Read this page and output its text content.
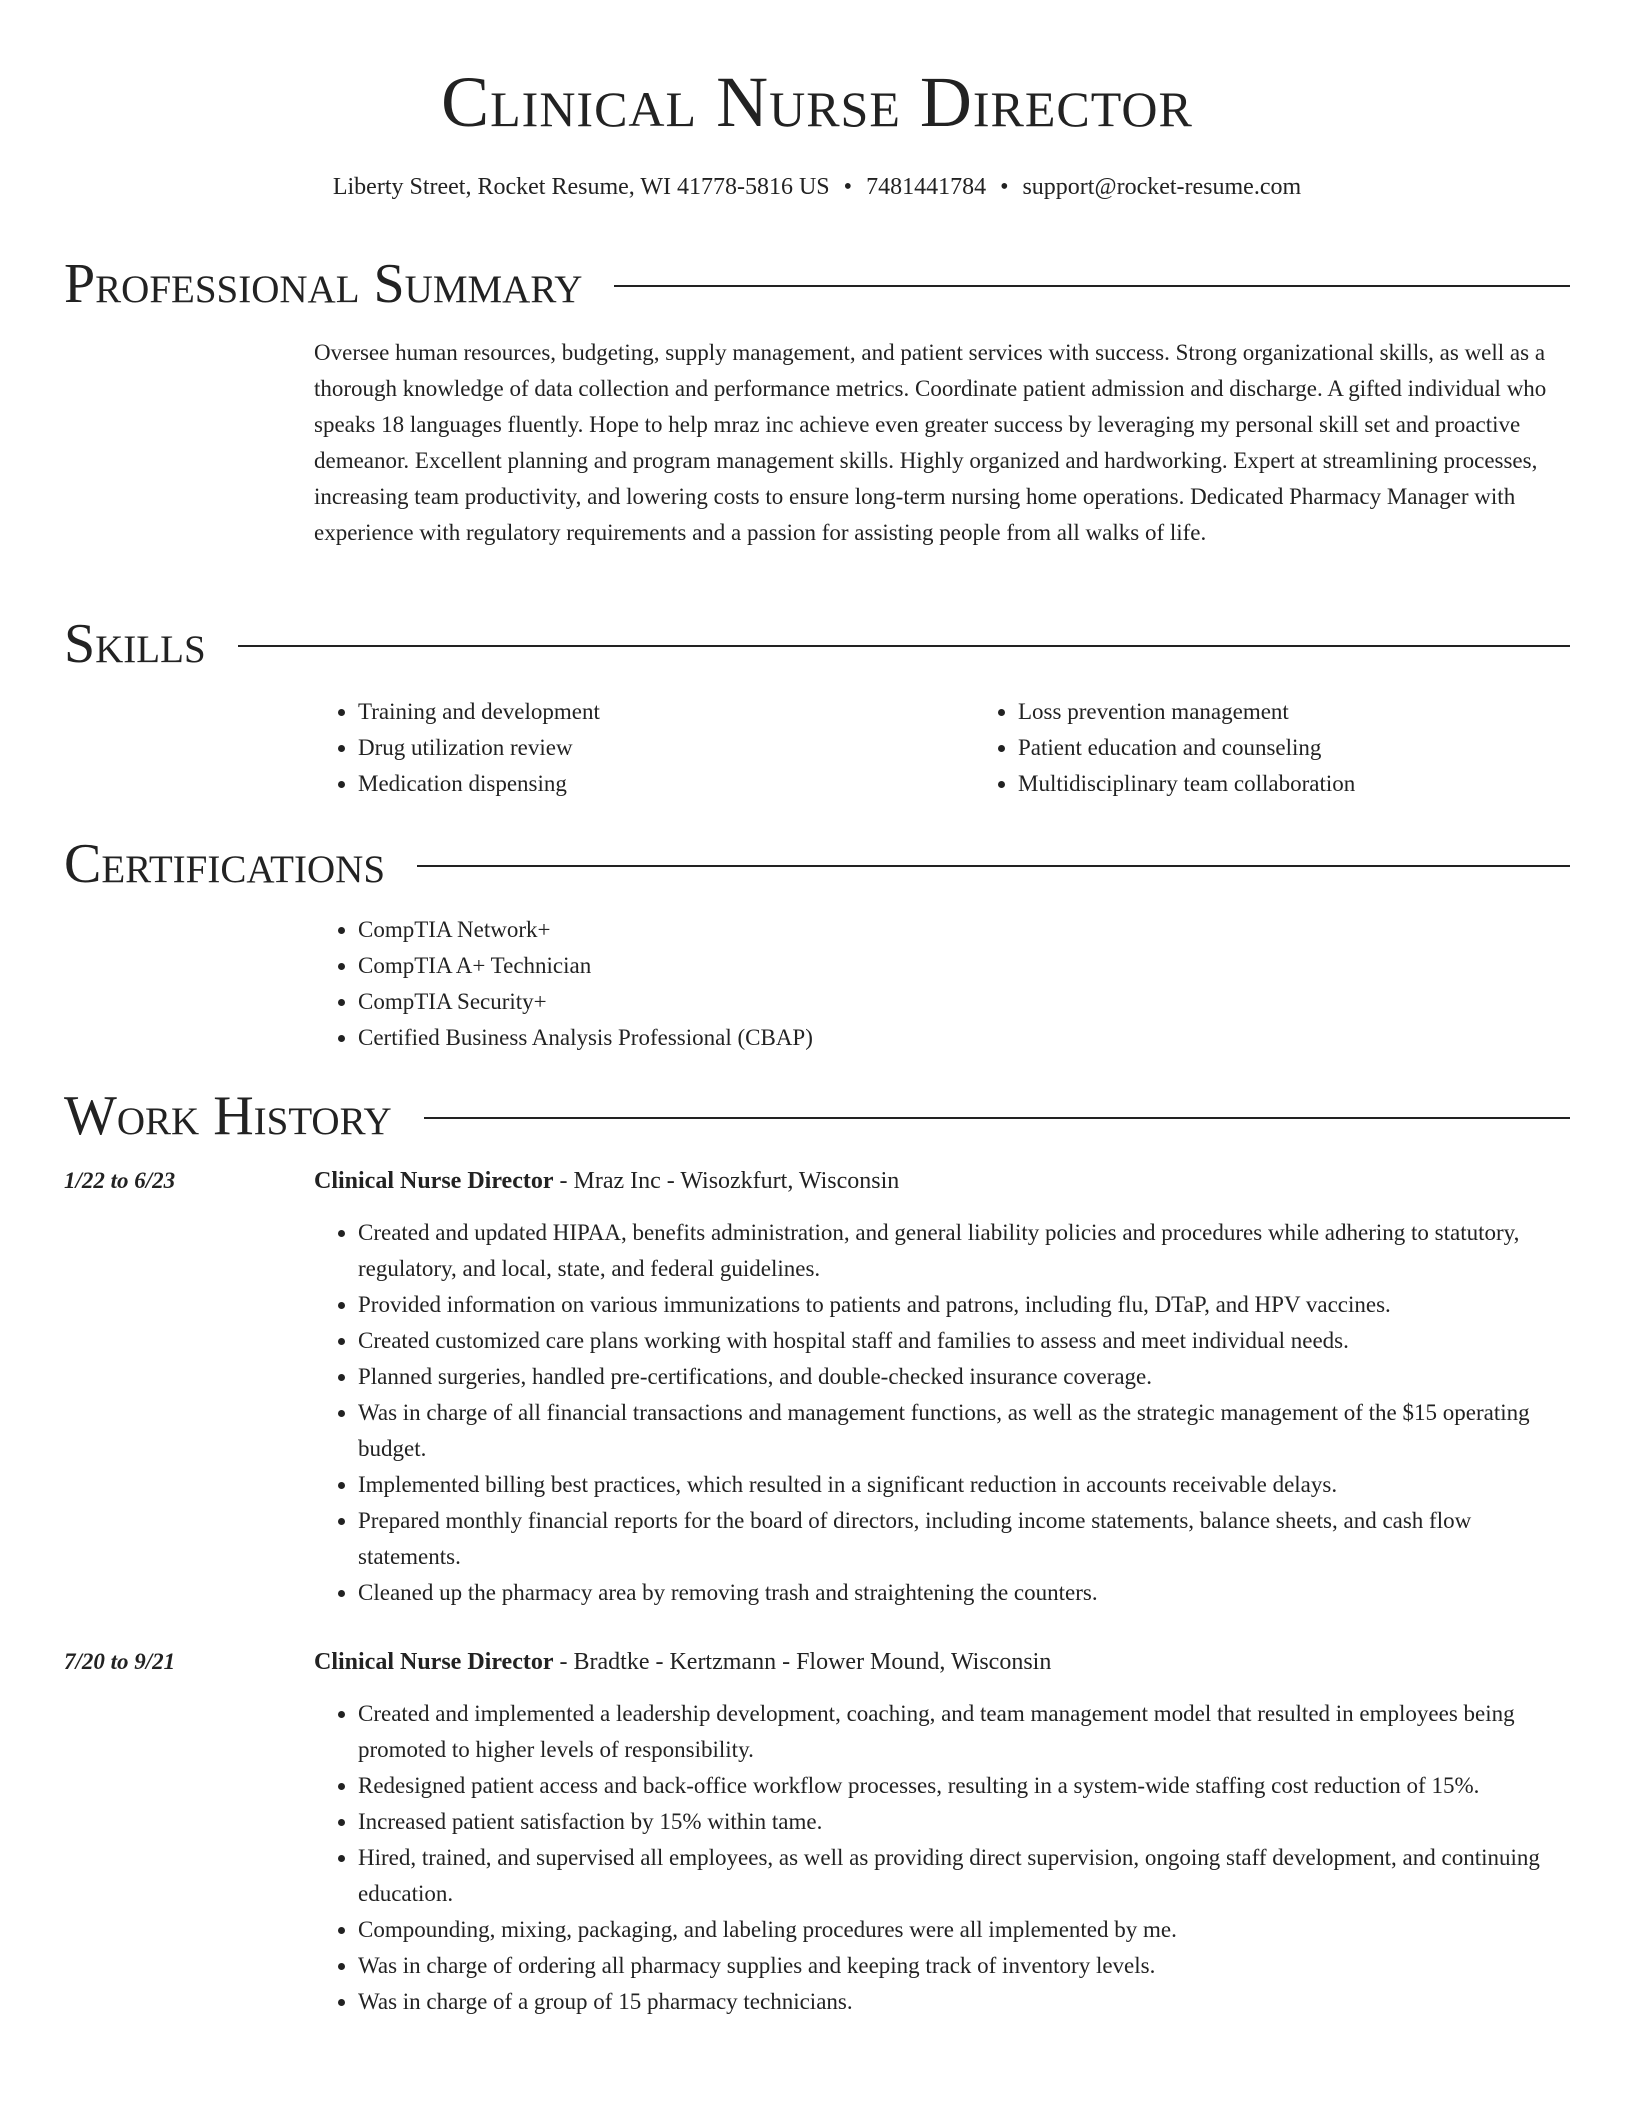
Clinical Nurse Director
Liberty Street, Rocket Resume, WI 41778-5816 US • 7481441784 • support@rocket-resume.com
Professional Summary

Oversee human resources, budgeting, supply management, and patient services with success. Strong organizational skills, as well as a thorough knowledge of data collection and performance metrics. Coordinate patient admission and discharge. A gifted individual who speaks 18 languages fluently. Hope to help mraz inc achieve even greater success by leveraging my personal skill set and proactive demeanor. Excellent planning and program management skills. Highly organized and hardworking. Expert at streamlining processes, increasing team productivity, and lowering costs to ensure long-term nursing home operations. Dedicated Pharmacy Manager with experience with regulatory requirements and a passion for assisting people from all walks of life.

Skills
• Training and development
• Drug utilization review
• Medication dispensing
• Loss prevention management
• Patient education and counseling
• Multidisciplinary team collaboration
Certifications
• CompTIA Network+
• CompTIA A+ Technician
• CompTIA Security+
• Certified Business Analysis Professional (CBAP)
Work History
1/22 to 6/23	Clinical Nurse Director - Mraz Inc - Wisozkfurt, Wisconsin
• Created and updated HIPAA, benefits administration, and general liability policies and procedures while adhering to statutory, regulatory, and local, state, and federal guidelines.
• Provided information on various immunizations to patients and patrons, including flu, DTaP, and HPV vaccines.
• Created customized care plans working with hospital staff and families to assess and meet individual needs.
• Planned surgeries, handled pre-certifications, and double-checked insurance coverage.
• Was in charge of all financial transactions and management functions, as well as the strategic management of the $15 operating budget.
• Implemented billing best practices, which resulted in a significant reduction in accounts receivable delays.
• Prepared monthly financial reports for the board of directors, including income statements, balance sheets, and cash flow statements.
• Cleaned up the pharmacy area by removing trash and straightening the counters.
7/20 to 9/21	Clinical Nurse Director - Bradtke - Kertzmann - Flower Mound, Wisconsin
• Created and implemented a leadership development, coaching, and team management model that resulted in employees being promoted to higher levels of responsibility.
• Redesigned patient access and back-office workflow processes, resulting in a system-wide staffing cost reduction of 15%.
• Increased patient satisfaction by 15% within tame.
• Hired, trained, and supervised all employees, as well as providing direct supervision, ongoing staff development, and continuing education.
• Compounding, mixing, packaging, and labeling procedures were all implemented by me.
• Was in charge of ordering all pharmacy supplies and keeping track of inventory levels.
• Was in charge of a group of 15 pharmacy technicians.
